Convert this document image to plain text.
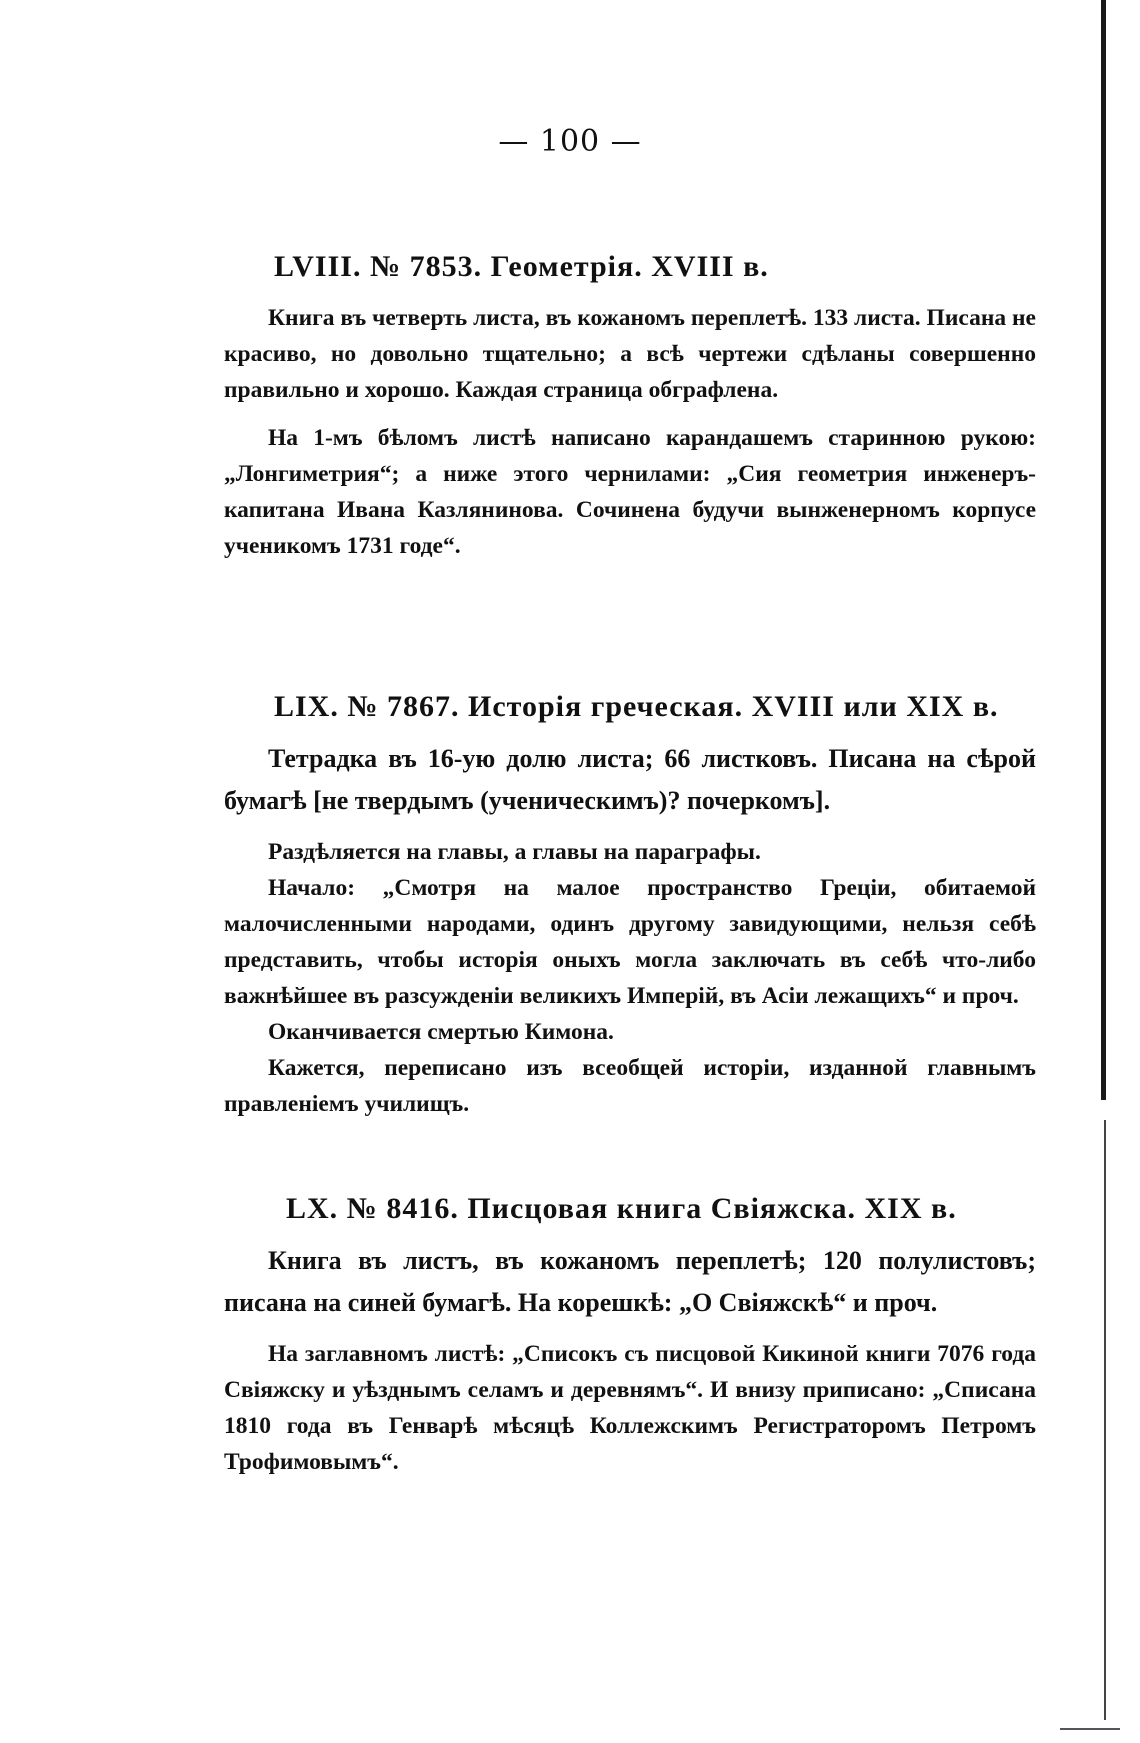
— 100 —

LVIII. № 7853. Геометрія. XVIII в.

Книга въ четверть листа, въ кожаномъ переплетѣ. 133 листа. Писана не красиво, но довольно тщательно; а всѣ чертежи сдѣланы совершенно правильно и хорошо. Каждая страница обграфлена.

На 1-мъ бѣломъ листѣ написано карандашемъ старинною рукою: „Лонгиметрия“; а ниже этого чернилами: „Сия геометрия инженеръ-капитана Ивана Казлянинова. Сочинена будучи вынженерномъ корпусе ученикомъ 1731 годе“.

LIX. № 7867. Исторія греческая. XVIII или XIX в.

Тетрадка въ 16-ую долю листа; 66 листковъ. Писана на сѣрой бумагѣ [не твердымъ (ученическимъ)? почеркомъ].

Раздѣляется на главы, а главы на параграфы.

Начало: „Смотря на малое пространство Греціи, обитаемой малочисленными народами, одинъ другому завидующими, нельзя себѣ представить, чтобы исторія оныхъ могла заключать въ себѣ что-либо важнѣйшее въ разсужденіи великихъ Имперій, въ Асіи лежащихъ“ и проч.

Оканчивается смертью Кимона.

Кажется, переписано изъ всеобщей исторіи, изданной главнымъ правленіемъ училищъ.

LX. № 8416. Писцовая книга Свіяжска. XIX в.

Книга въ листъ, въ кожаномъ переплетѣ; 120 полулистовъ; писана на синей бумагѣ. На корешкѣ: „О Свіяжскѣ“ и проч.

На заглавномъ листѣ: „Списокъ съ писцовой Кикиной книги 7076 года Свіяжску и уѣзднымъ селамъ и деревнямъ“. И внизу приписано: „Списана 1810 года въ Генварѣ мѣсяцѣ Коллежскимъ Регистраторомъ Петромъ Трофимовымъ“.
